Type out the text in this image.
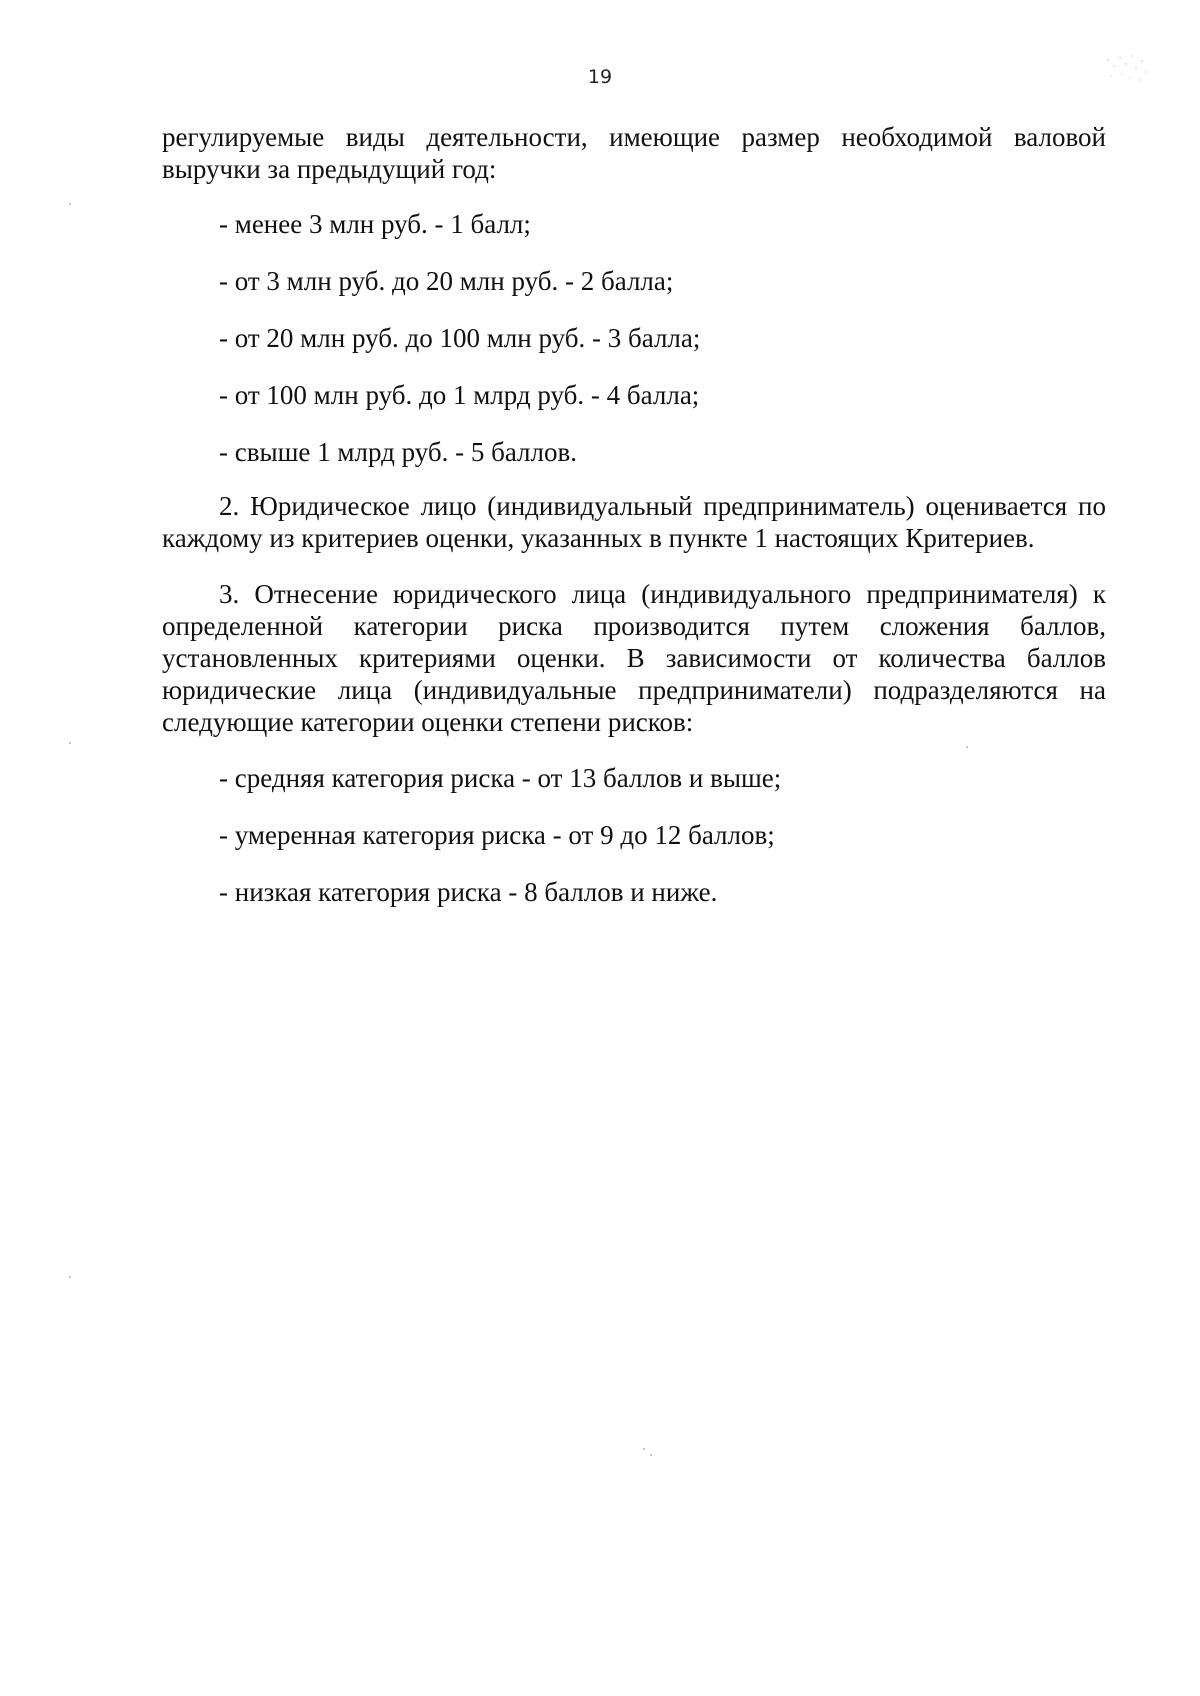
19

регулируемые виды деятельности, имеющие размер необходимой валовой выручки за предыдущий год:

- менее 3 млн руб. - 1 балл;

- от 3 млн руб. до 20 млн руб. - 2 балла;

- от 20 млн руб. до 100 млн руб. - 3 балла;

- от 100 млн руб. до 1 млрд руб. - 4 балла;

- свыше 1 млрд руб. - 5 баллов.

2. Юридическое лицо (индивидуальный предприниматель) оценивается по каждому из критериев оценки, указанных в пункте 1 настоящих Критериев.

3. Отнесение юридического лица (индивидуального предпринимателя) к определенной категории риска производится путем сложения баллов, установленных критериями оценки. В зависимости от количества баллов юридические лица (индивидуальные предприниматели) подразделяются на следующие категории оценки степени рисков:

- средняя категория риска - от 13 баллов и выше;

- умеренная категория риска - от 9 до 12 баллов;

- низкая категория риска - 8 баллов и ниже.
